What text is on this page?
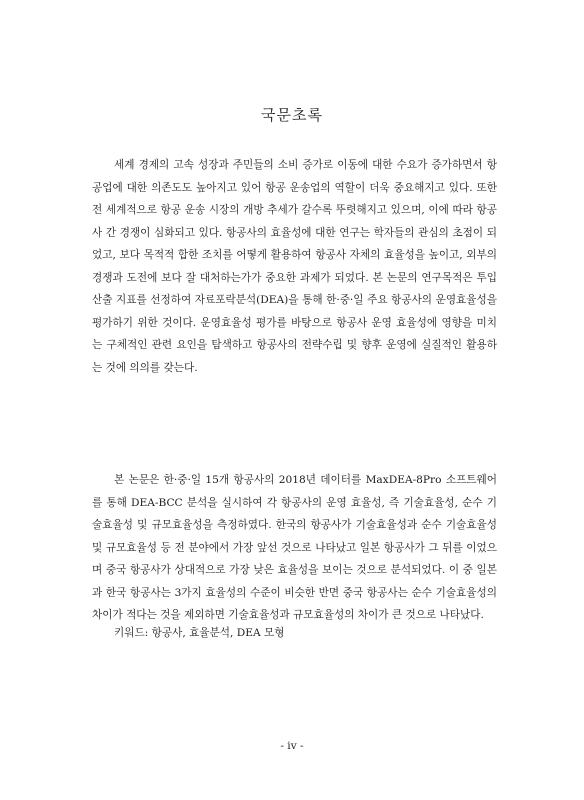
국문초록

세계 경제의 고속 성장과 주민들의 소비 증가로 이동에 대한 수요가 증가하면서 항공업에 대한 의존도도 높아지고 있어 항공 운송업의 역할이 더욱 중요해지고 있다. 또한 전 세계적으로 항공 운송 시장의 개방 추세가 갈수록 뚜렷해지고 있으며, 이에 따라 항공사 간 경쟁이 심화되고 있다. 항공사의 효율성에 대한 연구는 학자들의 관심의 초점이 되었고, 보다 목적적 합한 조치를 어떻게 활용하여 항공사 자체의 효율성을 높이고, 외부의 경쟁과 도전에 보다 잘 대처하는가가 중요한 과제가 되었다. 본 논문의 연구목적은 투입산출 지표를 선정하여 자료포락분석(DEA)을 통해 한·중·일 주요 항공사의 운영효율성을 평가하기 위한 것이다. 운영효율성 평가를 바탕으로 항공사 운영 효율성에 영향을 미치는 구체적인 관련 요인을 탐색하고 항공사의 전략수립 및 향후 운영에 실질적인 활용하는 것에 의의를 갖는다.

본 논문은 한·중·일 15개 항공사의 2018년 데이터를 MaxDEA-8Pro 소프트웨어를 통해 DEA-BCC 분석을 실시하여 각 항공사의 운영 효율성, 즉 기술효율성, 순수 기술효율성 및 규모효율성을 측정하였다. 한국의 항공사가 기술효율성과 순수 기술효율성 및 규모효율성 등 전 분야에서 가장 앞선 것으로 나타났고 일본 항공사가 그 뒤를 이었으며 중국 항공사가 상대적으로 가장 낮은 효율성을 보이는 것으로 분석되었다. 이 중 일본과 한국 항공사는 3가지 효율성의 수준이 비슷한 반면 중국 항공사는 순수 기술효율성의 차이가 적다는 것을 제외하면 기술효율성과 규모효율성의 차이가 큰 것으로 나타났다.

키워드: 항공사, 효율분석, DEA 모형
- iv -
